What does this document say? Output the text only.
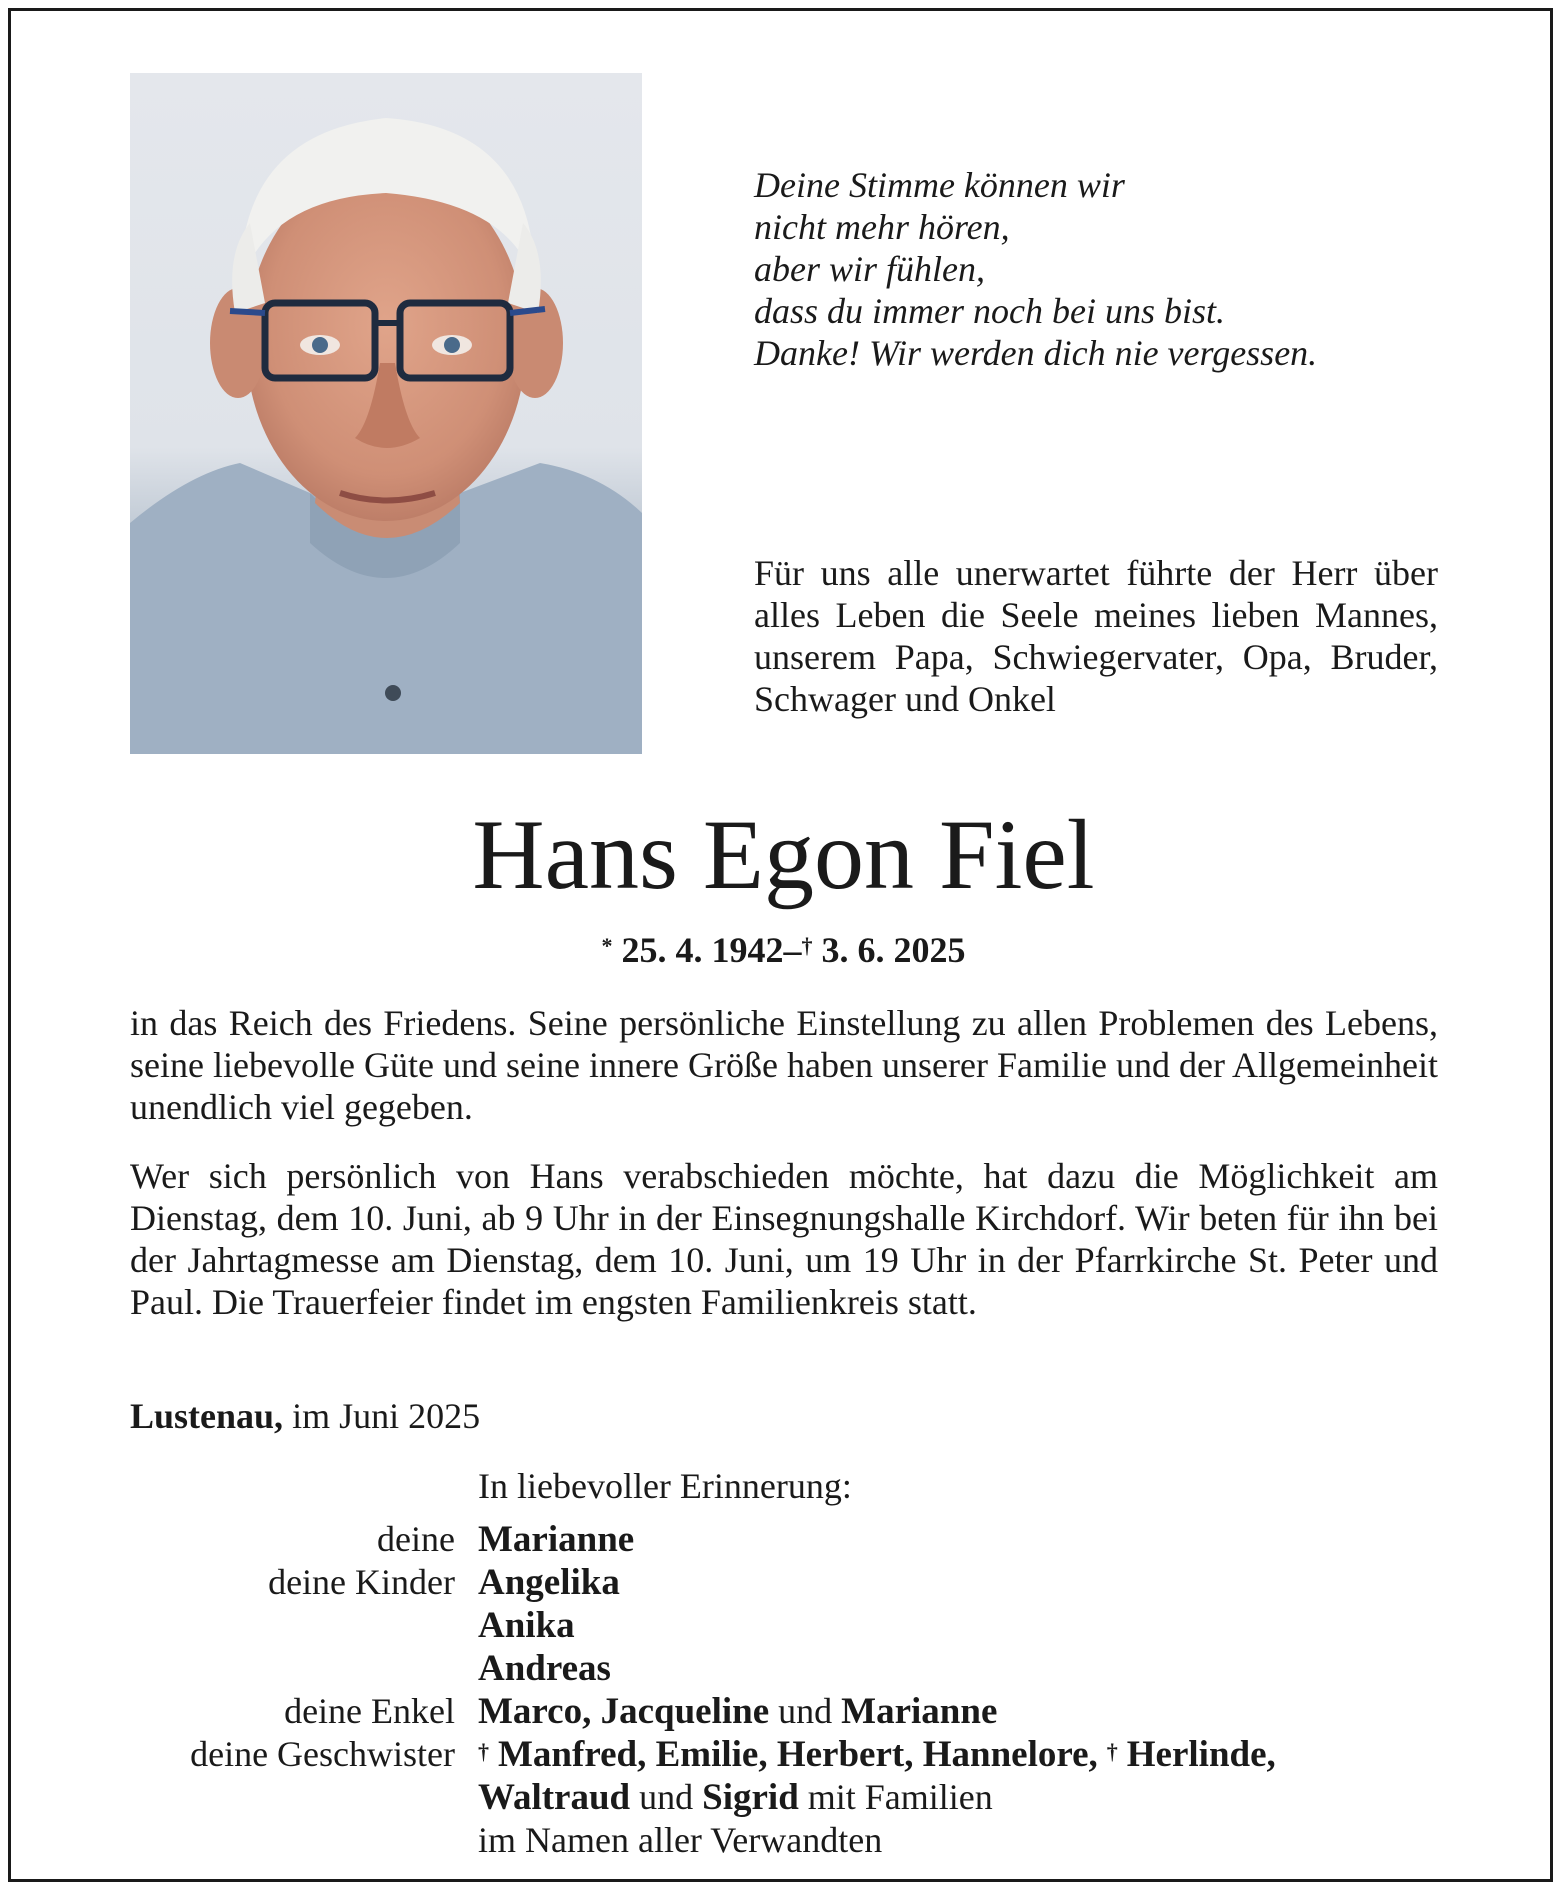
Deine Stimme können wir
nicht mehr hören,
aber wir fühlen,
dass du immer noch bei uns bist.
Danke! Wir werden dich nie vergessen.
Für uns alle unerwartet führte der Herr über alles Leben die Seele meines lieben Mannes, unserem Papa, Schwiegervater, Opa, Bruder, Schwager und Onkel
Hans Egon Fiel
* 25. 4. 1942–† 3. 6. 2025
in das Reich des Friedens. Seine persönliche Einstellung zu allen Problemen des Lebens, seine liebevolle Güte und seine innere Größe haben unserer Familie und der Allgemeinheit unendlich viel gegeben.
Wer sich persönlich von Hans verabschieden möchte, hat dazu die Möglichkeit am Dienstag, dem 10. Juni, ab 9 Uhr in der Einsegnungshalle Kirchdorf. Wir beten für ihn bei der Jahrtagmesse am Dienstag, dem 10. Juni, um 19 Uhr in der Pfarrkirche St. Peter und Paul. Die Trauerfeier findet im engsten Familienkreis statt.
Lustenau, im Juni 2025
In liebevoller Erinnerung:
deine Marianne
deine Kinder Angelika
Anika
Andreas
deine Enkel Marco, Jacqueline und Marianne
deine Geschwister	† Manfred, Emilie, Herbert, Hannelore, † Herlinde,
Waltraud und Sigrid mit Familien
im Namen aller Verwandten
